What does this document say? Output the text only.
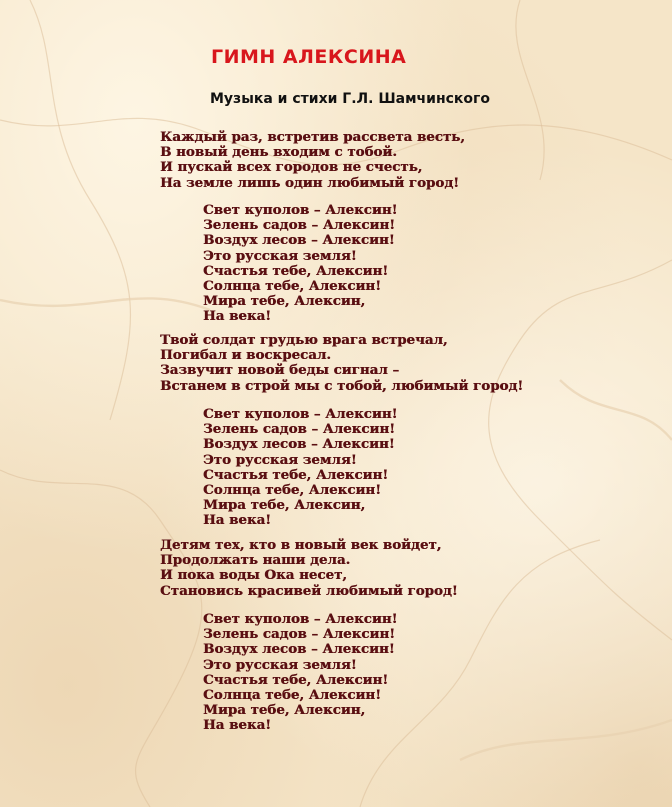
ГИМН АЛЕКСИНА
Музыка и стихи Г.Л. Шамчинского
Каждый раз, встретив рассвета весть,
В новый день входим с тобой.
И пускай всех городов не счесть,
На земле лишь один любимый город!
Свет куполов – Алексин!
Зелень садов – Алексин!
Воздух лесов – Алексин!
Это русская земля!
Счастья тебе, Алексин!
Солнца тебе, Алексин!
Мира тебе, Алексин,
На века!
Твой солдат грудью врага встречал,
Погибал и воскресал.
Зазвучит новой беды сигнал –
Встанем в строй мы с тобой, любимый город!
Свет куполов – Алексин!
Зелень садов – Алексин!
Воздух лесов – Алексин!
Это русская земля!
Счастья тебе, Алексин!
Солнца тебе, Алексин!
Мира тебе, Алексин,
На века!
Детям тех, кто в новый век войдет,
Продолжать наши дела.
И пока воды Ока несет,
Становись красивей любимый город!
Свет куполов – Алексин!
Зелень садов – Алексин!
Воздух лесов – Алексин!
Это русская земля!
Счастья тебе, Алексин!
Солнца тебе, Алексин!
Мира тебе, Алексин,
На века!
